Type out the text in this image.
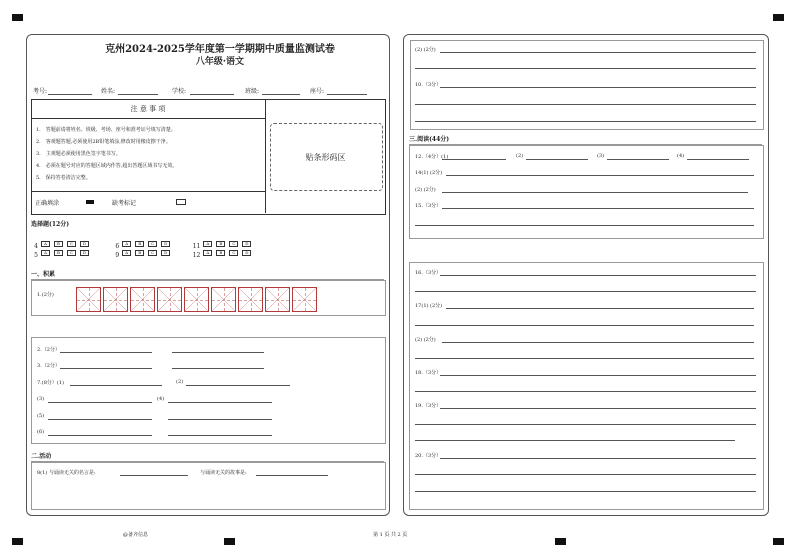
克州2024-2025学年度第一学期期中质量监测试卷
八年级·语文
考号:	姓名:	学校:	班级:	座号:
注 意 事 项
1.　答题前请将姓名、班级、考场、座号和准考证号填写清楚。
2.　客观题答题,必须使用2B铅笔填涂,修改时用橡皮擦干净。
3.　主观题必须使用黑色签字笔书写。
4.　必须在题号对应的答题区域内作答,超出答题区域书写无效。
5.　保持答卷清洁完整。
正确填涂	缺考标记
贴条形码区
选择题(12分)
4 A	B	C D	6 A	B	C D	11 A	B	C D
5 A	B	C D	9 A	B	C D	12 A	B	C D
一、积累
1.(2分)
2.（2分）
3.（2分）
7.(8分）(1)	(2)
(3)	(4)
(5)
(6)
二.活动
8(1) 与诵读无关的名言是:	与诵读无关的故事是:
(2) (2分)
10.（3分）
三.阅读(44分)
12.（4分）(1)	(2)	(3)	(4)
14(1) (2分)
(2) (2分)
15.（3分）
16.（3分）
17(1) (2分)
(2) (2分)
18.（3分）
19.（3分）
20.（3分）
@备齐信息	第 1 页 共 2 页
